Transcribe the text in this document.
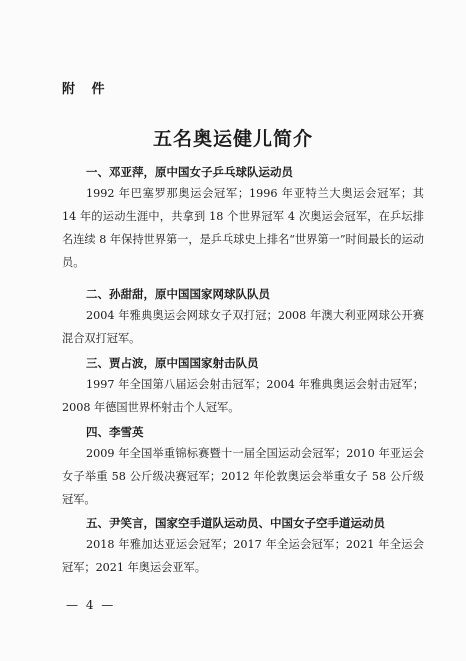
附 件
五名奥运健儿简介
一、邓亚萍，原中国女子乒乓球队运动员

1992 年巴塞罗那奥运会冠军；1996 年亚特兰大奥运会冠军；其 14 年的运动生涯中，共拿到 18 个世界冠军 4 次奥运会冠军，在乒坛排名连续 8 年保持世界第一，是乒乓球史上排名“世界第一”时间最长的运动员。

二、孙甜甜，原中国国家网球队队员

2004 年雅典奥运会网球女子双打冠；2008 年澳大利亚网球公开赛混合双打冠军。

三、贾占波，原中国国家射击队员

1997 年全国第八届运会射击冠军；2004 年雅典奥运会射击冠军；2008 年德国世界杯射击个人冠军。

四、李雪英

2009 年全国举重锦标赛暨十一届全国运动会冠军；2010 年亚运会女子举重 58 公斤级决赛冠军；2012 年伦敦奥运会举重女子 58 公斤级冠军。

五、尹笑言，国家空手道队运动员、中国女子空手道运动员

2018 年雅加达亚运会冠军；2017 年全运会冠军；2021 年全运会冠军；2021 年奥运会亚军。

— 4 —
